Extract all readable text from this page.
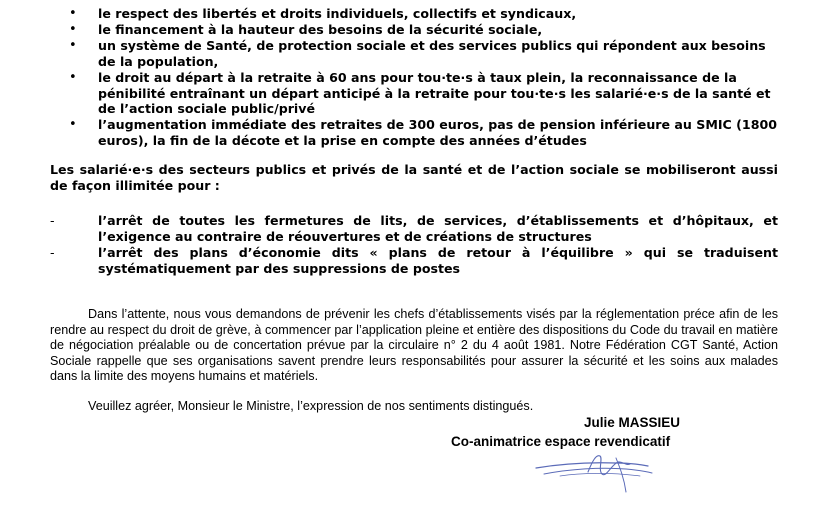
• le respect des libertés et droits individuels, collectifs et syndicaux,
• le financement à la hauteur des besoins de la sécurité sociale,
• un système de Santé, de protection sociale et des services publics qui répondent aux besoins de la population,
• le droit au départ à la retraite à 60 ans pour tou·te·s à taux plein, la reconnaissance de la pénibilité entraînant un départ anticipé à la retraite pour tou·te·s les salarié·e·s de la santé et de l’action sociale public/privé
• l’augmentation immédiate des retraites de 300 euros, pas de pension inférieure au SMIC (1800 euros), la fin de la décote et la prise en compte des années d’études

Les salarié·e·s des secteurs publics et privés de la santé et de l’action sociale se mobiliseront aussi de façon illimitée pour :

-	l’arrêt de toutes les fermetures de lits, de services, d’établissements et d’hôpitaux, et l’exigence au contraire de réouvertures et de créations de structures
-	l’arrêt des plans d’économie dits « plans de retour à l’équilibre » qui se traduisent systématiquement par des suppressions de postes

Dans l’attente, nous vous demandons de prévenir les chefs d’établissements visés par la réglementation préce afin de les rendre au respect du droit de grève, à commencer par l’application pleine et entière des dispositions du Code du travail en matière de négociation préalable ou de concertation prévue par la circulaire n° 2 du 4 août 1981. Notre Fédération CGT Santé, Action Sociale rappelle que ses organisations savent prendre leurs responsabilités pour assurer la sécurité et les soins aux malades dans la limite des moyens humains et matériels.

Veuillez agréer, Monsieur le Ministre, l’expression de nos sentiments distingués.

Julie MASSIEU

Co-animatrice espace revendicatif
